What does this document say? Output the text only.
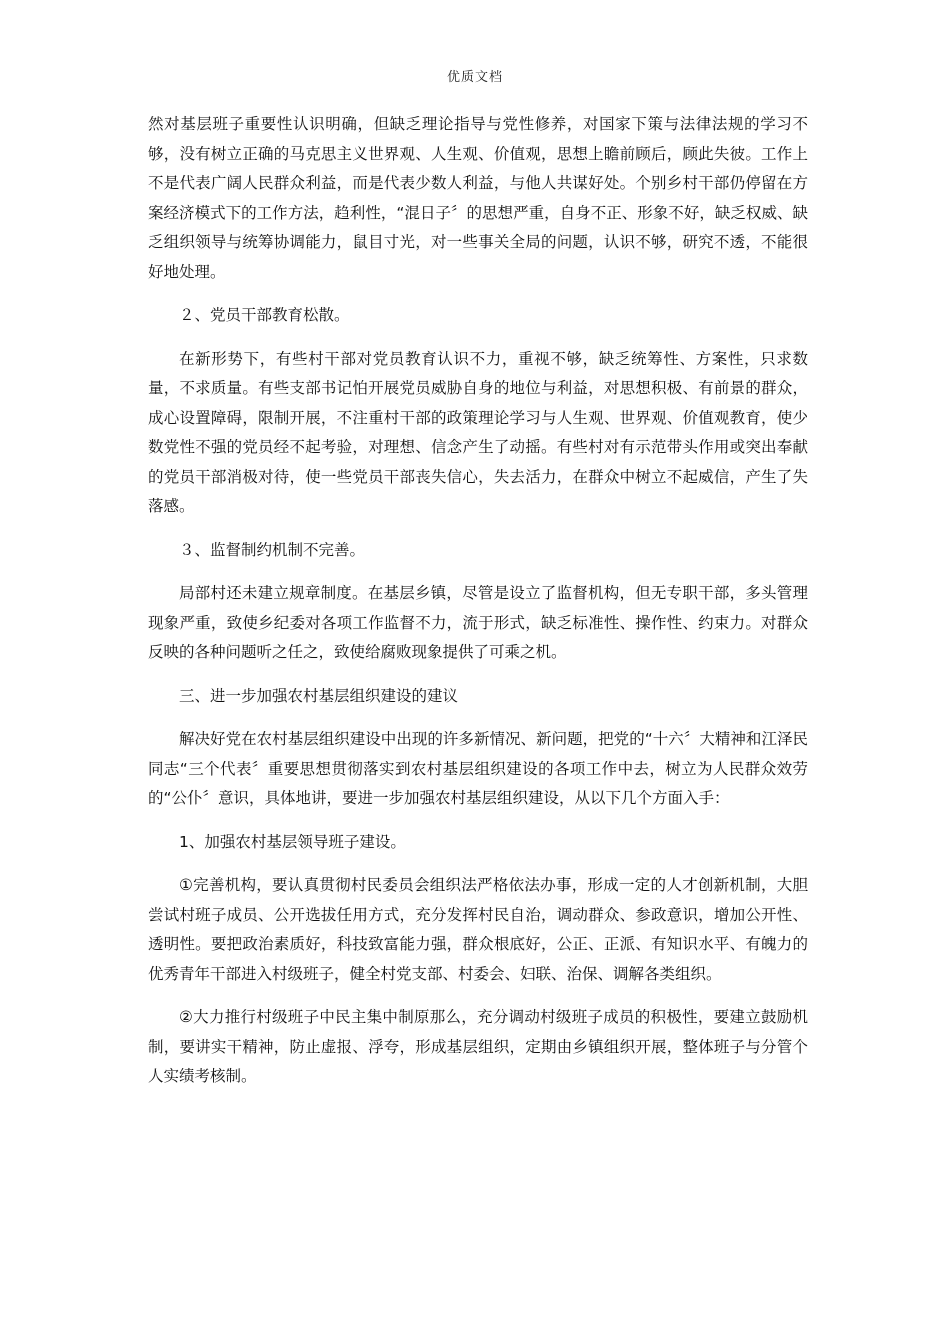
优质文档

然对基层班子重要性认识明确，但缺乏理论指导与党性修养，对国家下策与法律法规的学习不够，没有树立正确的马克思主义世界观、人生观、价值观，思想上瞻前顾后，顾此失彼。工作上不是代表广阔人民群众利益，而是代表少数人利益，与他人共谋好处。个别乡村干部仍停留在方案经济模式下的工作方法，趋利性，“混日子〞的思想严重，自身不正、形象不好，缺乏权威、缺乏组织领导与统筹协调能力，鼠目寸光，对一些事关全局的问题，认识不够，研究不透，不能很好地处理。

２、党员干部教育松散。

在新形势下，有些村干部对党员教育认识不力，重视不够，缺乏统筹性、方案性，只求数量，不求质量。有些支部书记怕开展党员威胁自身的地位与利益，对思想积极、有前景的群众，成心设置障碍，限制开展，不注重村干部的政策理论学习与人生观、世界观、价值观教育，使少数党性不强的党员经不起考验，对理想、信念产生了动摇。有些村对有示范带头作用或突出奉献的党员干部消极对待，使一些党员干部丧失信心，失去活力，在群众中树立不起威信，产生了失落感。

３、监督制约机制不完善。

局部村还未建立规章制度。在基层乡镇，尽管是设立了监督机构，但无专职干部，多头管理现象严重，致使乡纪委对各项工作监督不力，流于形式，缺乏标准性、操作性、约束力。对群众反映的各种问题听之任之，致使给腐败现象提供了可乘之机。

三、进一步加强农村基层组织建设的建议

解决好党在农村基层组织建设中出现的许多新情况、新问题，把党的“十六〞大精神和江泽民同志“三个代表〞重要思想贯彻落实到农村基层组织建设的各项工作中去，树立为人民群众效劳的“公仆〞意识，具体地讲，要进一步加强农村基层组织建设，从以下几个方面入手：

1、加强农村基层领导班子建设。

①完善机构，要认真贯彻村民委员会组织法严格依法办事，形成一定的人才创新机制，大胆尝试村班子成员、公开选拔任用方式，充分发挥村民自治，调动群众、参政意识，增加公开性、透明性。要把政治素质好，科技致富能力强，群众根底好，公正、正派、有知识水平、有魄力的优秀青年干部进入村级班子，健全村党支部、村委会、妇联、治保、调解各类组织。

②大力推行村级班子中民主集中制原那么，充分调动村级班子成员的积极性，要建立鼓励机制，要讲实干精神，防止虚报、浮夸，形成基层组织，定期由乡镇组织开展，整体班子与分管个人实绩考核制。
